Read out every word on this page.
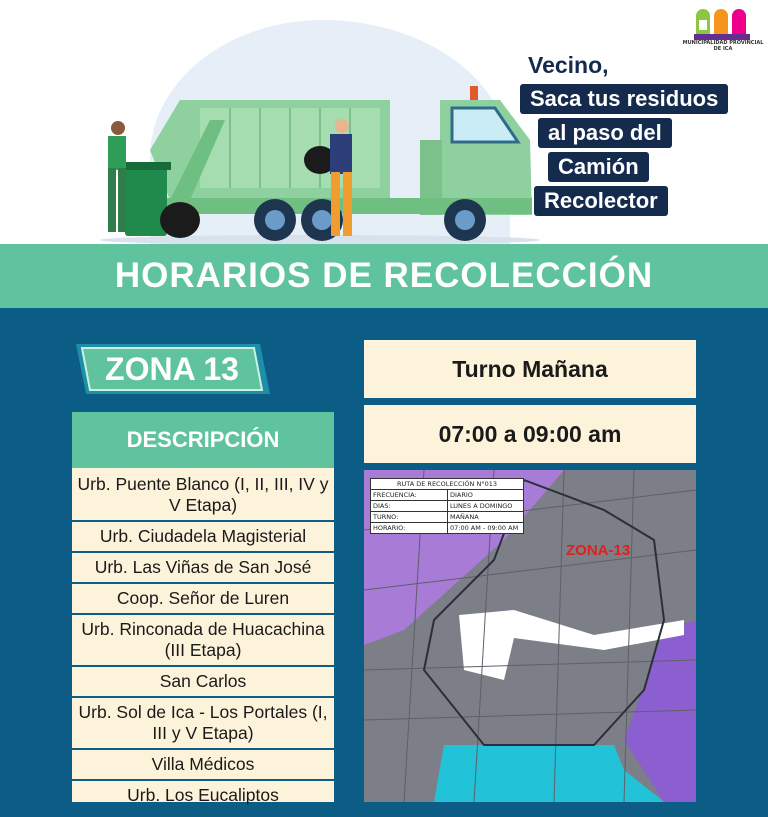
MUNICIPALIDAD PROVINCIAL DE ICA
Vecino,
Saca tus residuos
al paso del
Camión
Recolector
HORARIOS DE RECOLECCIÓN
ZONA 13
DESCRIPCIÓN
Urb. Puente Blanco (I, II, III, IV y V Etapa)
Urb. Ciudadela Magisterial
Urb. Las Viñas de San José
Coop. Señor de Luren
Urb. Rinconada de Huacachina (III Etapa)
San Carlos
Urb. Sol de Ica - Los Portales (I, III y V Etapa)
Villa Médicos
Urb. Los Eucaliptos
Turno Mañana
07:00 a 09:00 am
RUTA DE RECOLECCIÓN N°013
FRECUENCIA:	DIARIO
DIAS:	LUNES A DOMINGO
TURNO:	MAÑANA
HORARIO:	07:00 AM - 09:00 AM
ZONA-13
